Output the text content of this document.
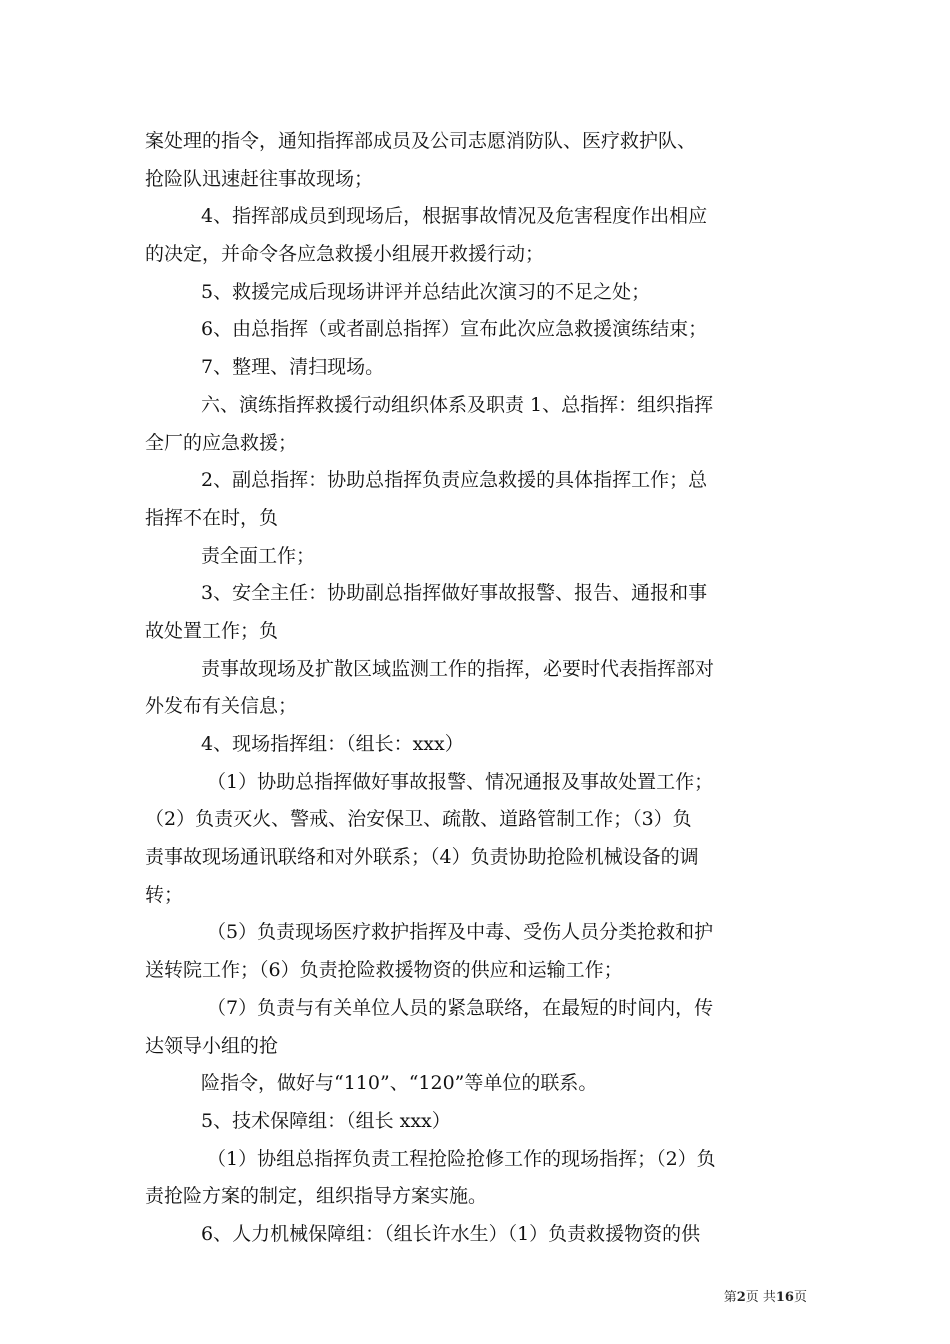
案处理的指令，通知指挥部成员及公司志愿消防队、医疗救护队、
抢险队迅速赶往事故现场；
4、指挥部成员到现场后，根据事故情况及危害程度作出相应
的决定，并命令各应急救援小组展开救援行动；
5、救援完成后现场讲评并总结此次演习的不足之处；
6、由总指挥（或者副总指挥）宣布此次应急救援演练结束；
7、整理、清扫现场。
六、演练指挥救援行动组织体系及职责 1、总指挥：组织指挥
全厂的应急救援；
2、副总指挥：协助总指挥负责应急救援的具体指挥工作；总
指挥不在时，负
责全面工作；
3、安全主任：协助副总指挥做好事故报警、报告、通报和事
故处置工作；负
责事故现场及扩散区域监测工作的指挥，必要时代表指挥部对
外发布有关信息；
4、现场指挥组：（组长：xxx）
（1）协助总指挥做好事故报警、情况通报及事故处置工作；
（2）负责灭火、警戒、治安保卫、疏散、道路管制工作；（3）负
责事故现场通讯联络和对外联系；（4）负责协助抢险机械设备的调
转；
（5）负责现场医疗救护指挥及中毒、受伤人员分类抢救和护
送转院工作；（6）负责抢险救援物资的供应和运输工作；
（7）负责与有关单位人员的紧急联络，在最短的时间内，传
达领导小组的抢
险指令，做好与“110”、“120”等单位的联系。
5、技术保障组：（组长 xxx）
（1）协组总指挥负责工程抢险抢修工作的现场指挥；（2）负
责抢险方案的制定，组织指导方案实施。
6、人力机械保障组：（组长许水生）（1）负责救援物资的供
第2页 共16页
